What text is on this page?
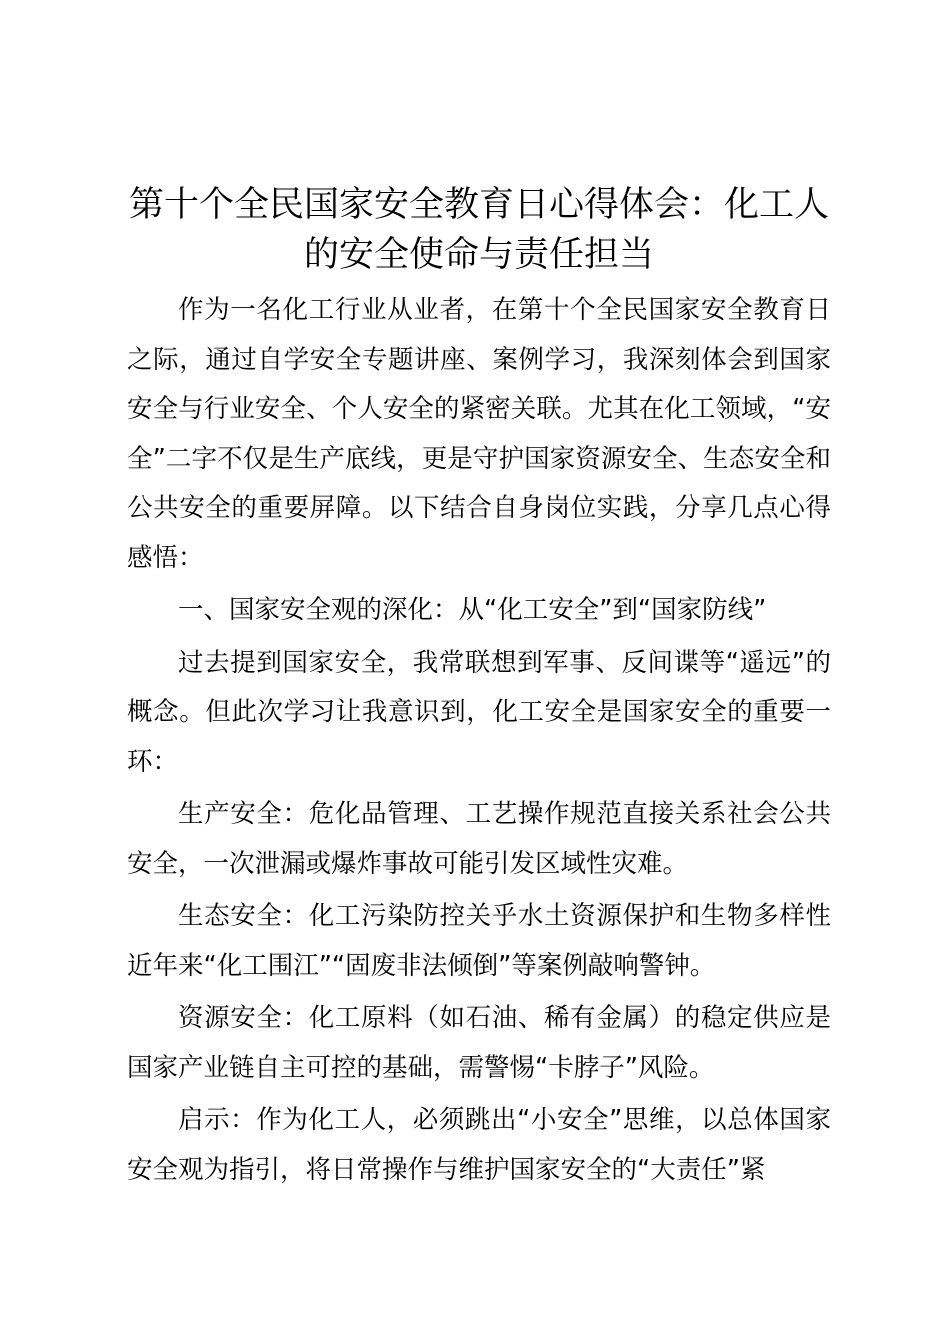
第十个全民国家安全教育日心得体会：化工人的安全使命与责任担当

作为一名化工行业从业者，在第十个全民国家安全教育日之际，通过自学安全专题讲座、案例学习，我深刻体会到国家安全与行业安全、个人安全的紧密关联。尤其在化工领域，“安全”二字不仅是生产底线，更是守护国家资源安全、生态安全和公共安全的重要屏障。以下结合自身岗位实践，分享几点心得感悟：

一、国家安全观的深化：从“化工安全”到“国家防线”

过去提到国家安全，我常联想到军事、反间谍等“遥远”的概念。但此次学习让我意识到，化工安全是国家安全的重要一环：

生产安全：危化品管理、工艺操作规范直接关系社会公共安全，一次泄漏或爆炸事故可能引发区域性灾难。

生态安全：化工污染防控关乎水土资源保护和生物多样性近年来“化工围江”“固废非法倾倒”等案例敲响警钟。

资源安全：化工原料（如石油、稀有金属）的稳定供应是国家产业链自主可控的基础，需警惕“卡脖子”风险。

启示：作为化工人，必须跳出“小安全”思维，以总体国家安全观为指引，将日常操作与维护国家安全的“大责任”紧
